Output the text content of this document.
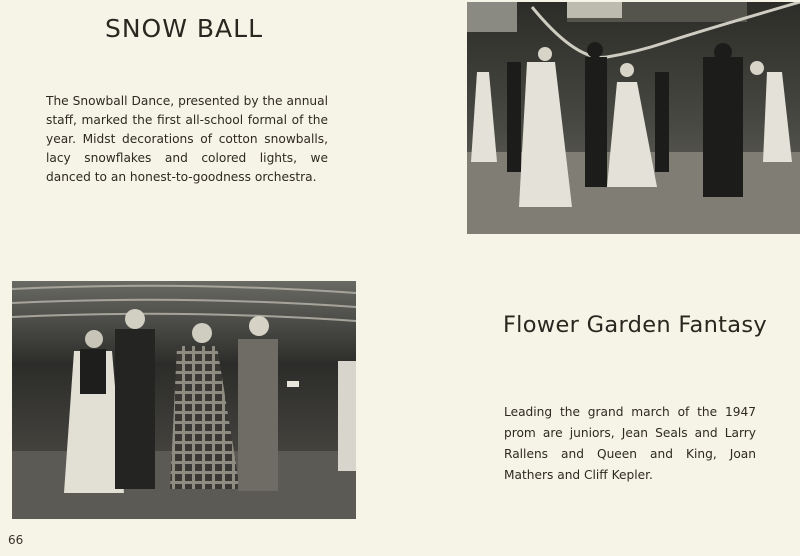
SNOW BALL
The Snowball Dance, presented by the annual staff, marked the first all-school formal of the year. Midst decorations of cotton snowballs, lacy snowflakes and colored lights, we danced to an honest-to-goodness orchestra.
Flower Garden Fantasy
Leading the grand march of the 1947 prom are juniors, Jean Seals and Larry Rallens and Queen and King, Joan Mathers and Cliff Kepler.
66
